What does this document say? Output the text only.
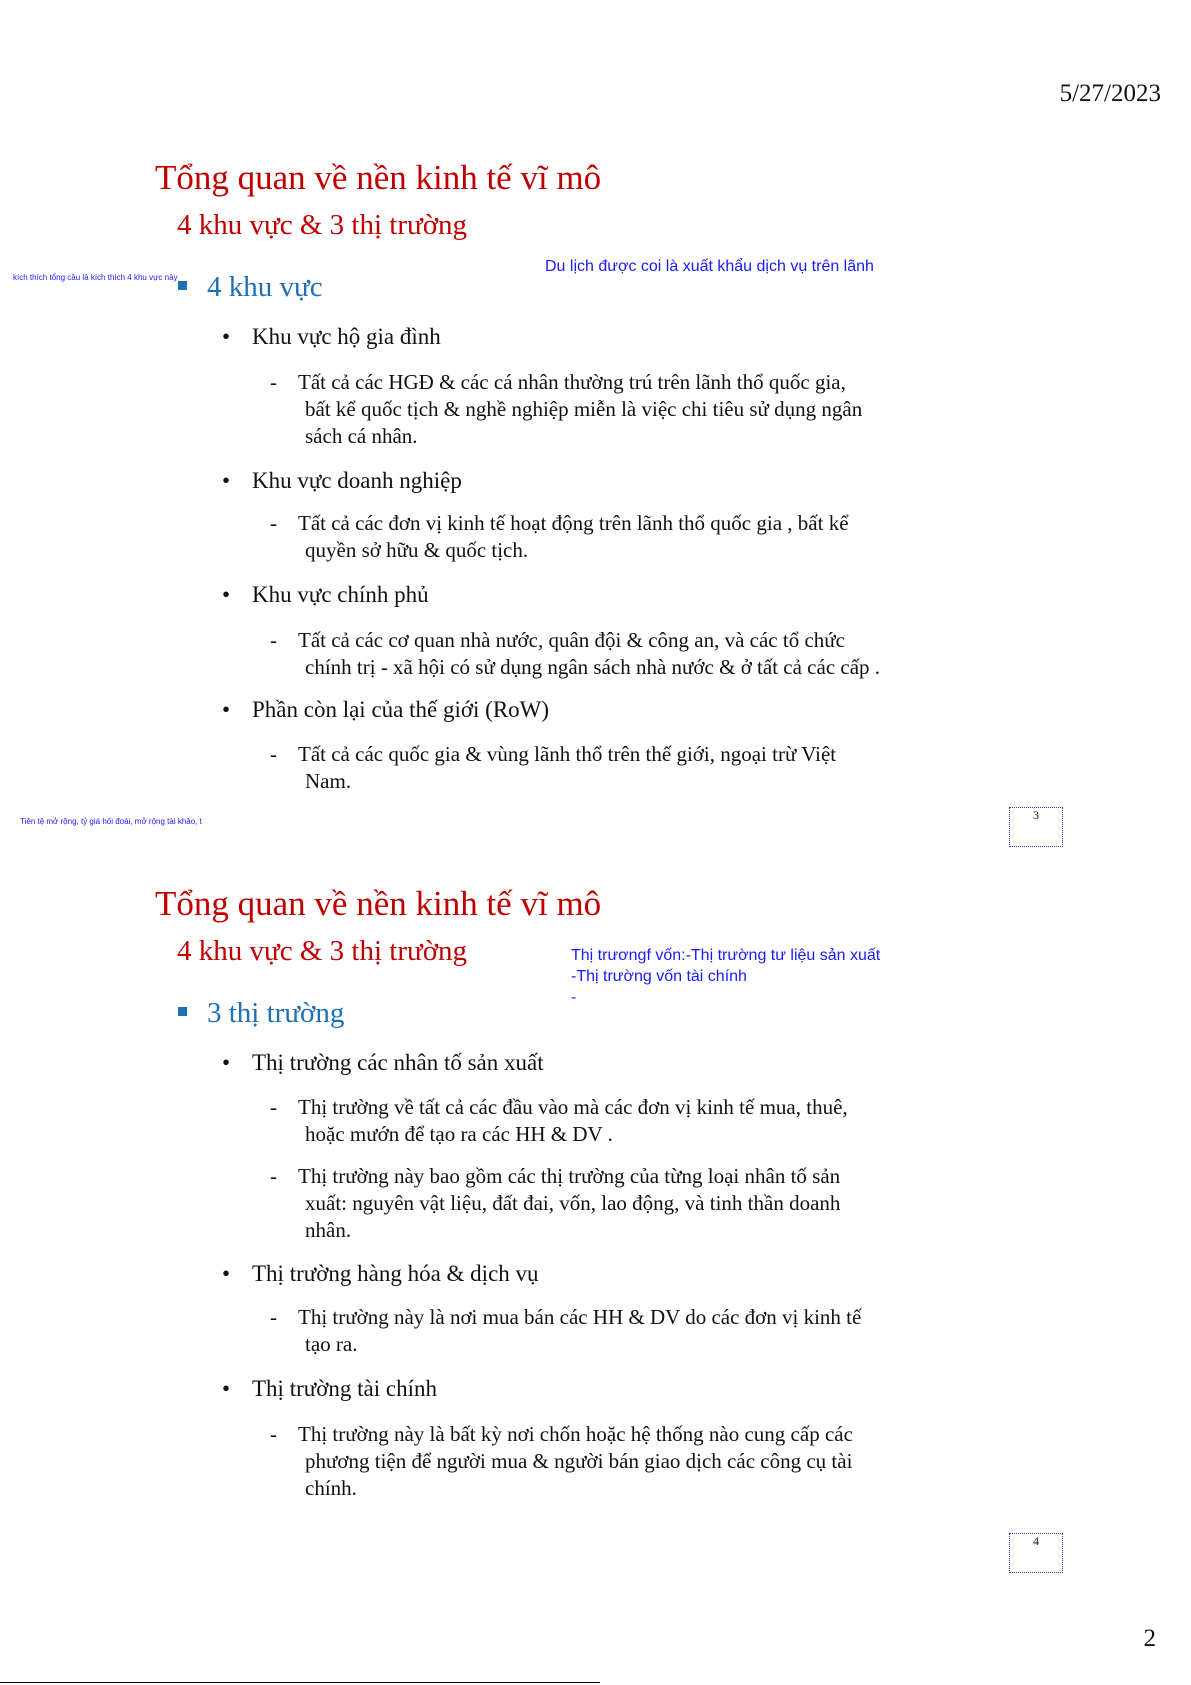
5/27/2023
Tổng quan về nền kinh tế vĩ mô
4 khu vực & 3 thị trường
kích thích tổng cầu là kích thích 4 khu vực này
Du lịch được coi là xuất khẩu dịch vụ trên lãnh
4 khu vực
• Khu vực hộ gia đình
- Tất cả các HGĐ & các cá nhân thường trú trên lãnh thổ quốc gia,
bất kể quốc tịch & nghề nghiệp miễn là việc chi tiêu sử dụng ngân
sách cá nhân.
• Khu vực doanh nghiệp
- Tất cả các đơn vị kinh tế hoạt động trên lãnh thổ quốc gia , bất kể
quyền sở hữu & quốc tịch.
• Khu vực chính phủ
- Tất cả các cơ quan nhà nước, quân đội & công an, và các tổ chức
chính trị - xã hội có sử dụng ngân sách nhà nước & ở tất cả các cấp .
• Phần còn lại của thế giới (RoW)
- Tất cả các quốc gia & vùng lãnh thổ trên thế giới, ngoại trừ Việt
Nam.
Tiền tệ mở rộng, tỷ giá hối đoái, mở rộng tài khảo, t	3
Tổng quan về nền kinh tế vĩ mô
4 khu vực & 3 thị trường	Thị trươngf vốn:-Thị trường tư liệu sản xuất
-Thị trường vốn tài chính
-
3 thị trường
• Thị trường các nhân tố sản xuất
- Thị trường về tất cả các đầu vào mà các đơn vị kinh tế mua, thuê,
hoặc mướn để tạo ra các HH & DV .
- Thị trường này bao gồm các thị trường của từng loại nhân tố sản
xuất: nguyên vật liệu, đất đai, vốn, lao động, và tinh thần doanh
nhân.
• Thị trường hàng hóa & dịch vụ
- Thị trường này là nơi mua bán các HH & DV do các đơn vị kinh tế
tạo ra.
• Thị trường tài chính
- Thị trường này là bất kỳ nơi chốn hoặc hệ thống nào cung cấp các
phương tiện để người mua & người bán giao dịch các công cụ tài
chính.
4
2
